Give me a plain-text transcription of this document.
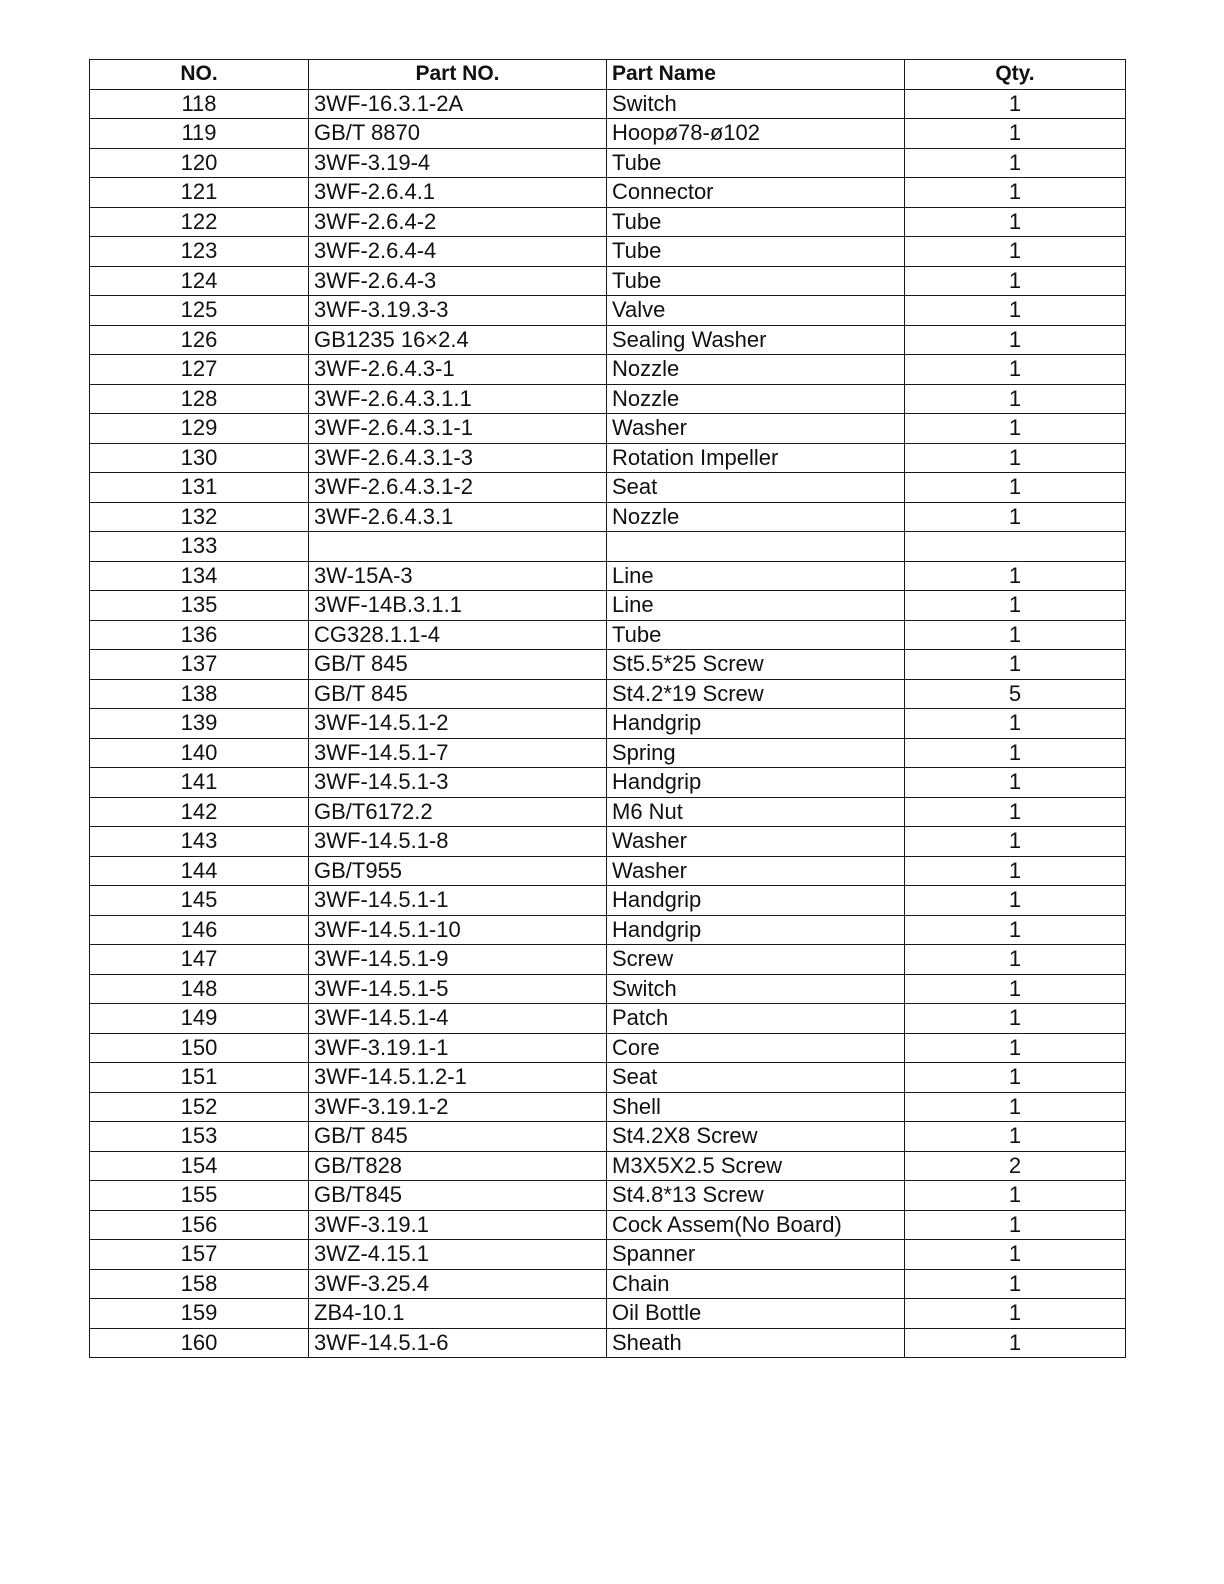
NO.	Part NO.	Part Name	Qty.
118	3WF-16.3.1-2A	Switch	1
119	GB/T 8870	Hoopø78-ø102	1
120	3WF-3.19-4	Tube	1
121	3WF-2.6.4.1	Connector	1
122	3WF-2.6.4-2	Tube	1
123	3WF-2.6.4-4	Tube	1
124	3WF-2.6.4-3	Tube	1
125	3WF-3.19.3-3	Valve	1
126	GB1235 16×2.4	Sealing Washer	1
127	3WF-2.6.4.3-1	Nozzle	1
128	3WF-2.6.4.3.1.1	Nozzle	1
129	3WF-2.6.4.3.1-1	Washer	1
130	3WF-2.6.4.3.1-3	Rotation Impeller	1
131	3WF-2.6.4.3.1-2	Seat	1
132	3WF-2.6.4.3.1	Nozzle	1
133			
134	3W-15A-3	Line	1
135	3WF-14B.3.1.1	Line	1
136	CG328.1.1-4	Tube	1
137	GB/T 845	St5.5*25 Screw	1
138	GB/T 845	St4.2*19 Screw	5
139	3WF-14.5.1-2	Handgrip	1
140	3WF-14.5.1-7	Spring	1
141	3WF-14.5.1-3	Handgrip	1
142	GB/T6172.2	M6 Nut	1
143	3WF-14.5.1-8	Washer	1
144	GB/T955	Washer	1
145	3WF-14.5.1-1	Handgrip	1
146	3WF-14.5.1-10	Handgrip	1
147	3WF-14.5.1-9	Screw	1
148	3WF-14.5.1-5	Switch	1
149	3WF-14.5.1-4	Patch	1
150	3WF-3.19.1-1	Core	1
151	3WF-14.5.1.2-1	Seat	1
152	3WF-3.19.1-2	Shell	1
153	GB/T 845	St4.2X8 Screw	1
154	GB/T828	M3X5X2.5 Screw	2
155	GB/T845	St4.8*13 Screw	1
156	3WF-3.19.1	Cock Assem(No Board)	1
157	3WZ-4.15.1	Spanner	1
158	3WF-3.25.4	Chain	1
159	ZB4-10.1	Oil Bottle	1
160	3WF-14.5.1-6	Sheath	1
